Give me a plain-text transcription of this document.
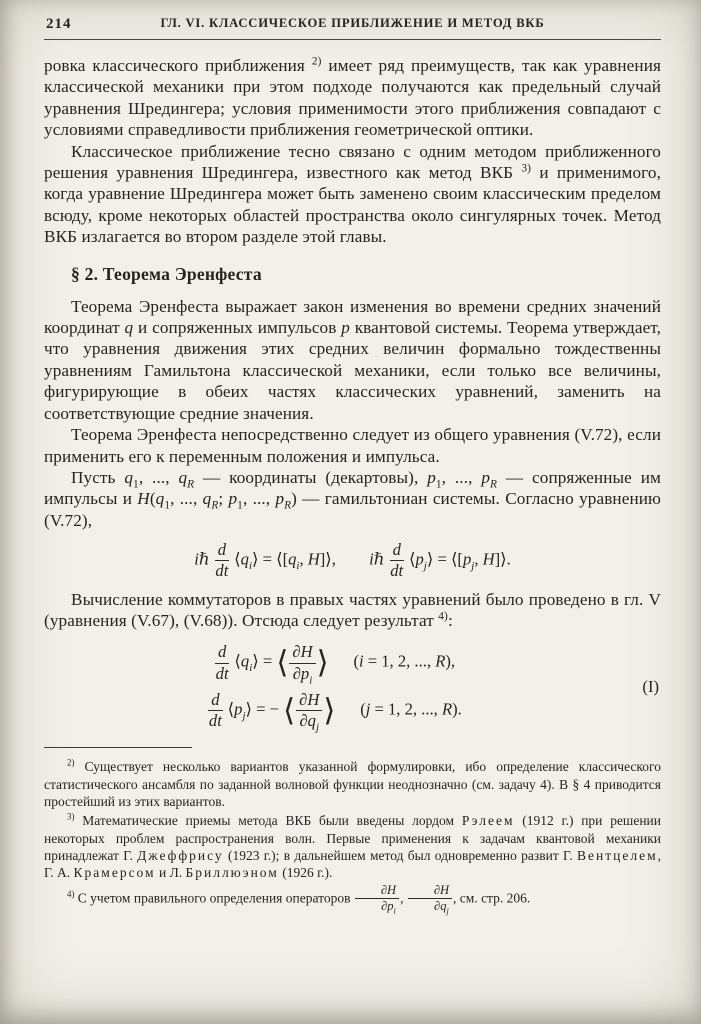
214	ГЛ. VI. КЛАССИЧЕСКОЕ ПРИБЛИЖЕНИЕ И МЕТОД ВКБ

ровка классического приближения $^{2)}$ имеет ряд преимуществ, так как уравнения классической механики при этом подходе получаются как предельный случай уравнения Шредингера; условия применимости этого приближения совпадают с условиями справедливости приближения геометрической оптики.

Классическое приближение тесно связано с одним методом приближенного решения уравнения Шредингера, известного как метод ВКБ $^{3)}$ и применимого, когда уравнение Шредингера может быть заменено своим классическим пределом всюду, кроме некоторых областей пространства около сингулярных точек. Метод ВКБ излагается во втором разделе этой главы.

§ 2. Теорема Эренфеста

Теорема Эренфеста выражает закон изменения во времени средних значений координат q и сопряженных импульсов p квантовой системы. Теорема утверждает, что уравнения движения этих средних величин формально тождественны уравнениям Гамильтона классической механики, если только все величины, фигурирующие в обеих частях классических уравнений, заменить на соответствующие средние значения.

Теорема Эренфеста непосредственно следует из общего уравнения (V.72), если применить его к переменным положения и импульса.

Пусть $q_1$, ..., $q_R$ — координаты (декартовы), $p_1$, ..., $p_R$ — сопряженные им импульсы и $H(q_1$, ..., $q_R$; $p_1$, ..., $p_R$) — гамильтониан системы. Согласно уравнению (V.72),

iℏ $\frac{d}{dt}$ $⟨q_i⟩$ = $⟨[q_i$, H]⟩,   iℏ $\frac{d}{dt}$ $⟨p_j⟩$ = $⟨[p_j$, H]⟩.

Вычисление коммутаторов в правых частях уравнений было проведено в гл. V (уравнения (V.67), (V.68)). Отсюда следует результат $^{4)}$:

$\frac{d}{dt}$ $⟨q_i⟩$ = ⟨ $\frac{\partial H}{\partial p_i}$ ⟩  (i = 1, 2, ..., R),
$\frac{d}{dt}$ $⟨p_j⟩$ = − ⟨ $\frac{\partial H}{\partial q_j}$ ⟩  (j = 1, 2, ..., R).
(I)

$^{2)}$ Существует несколько вариантов указанной формулировки, ибо определение классического статистического ансамбля по заданной волновой функции неоднозначно (см. задачу 4). В § 4 приводится простейший из этих вариантов.

$^{3)}$ Математические приемы метода ВКБ были введены лордом Рэлеем (1912 г.) при решении некоторых проблем распространения волн. Первые применения к задачам квантовой механики принадлежат Г. Джеффрису (1923 г.); в дальнейшем метод был одновременно развит Г. Вентцелем, Г. А. Крамерсом и Л. Бриллюэном (1926 г.).

$^{4)}$ С учетом правильного определения операторов $\frac{\partial H}{\partial p_i}$ , $\frac{\partial H}{\partial q_j}$ , см. стр. 206.
